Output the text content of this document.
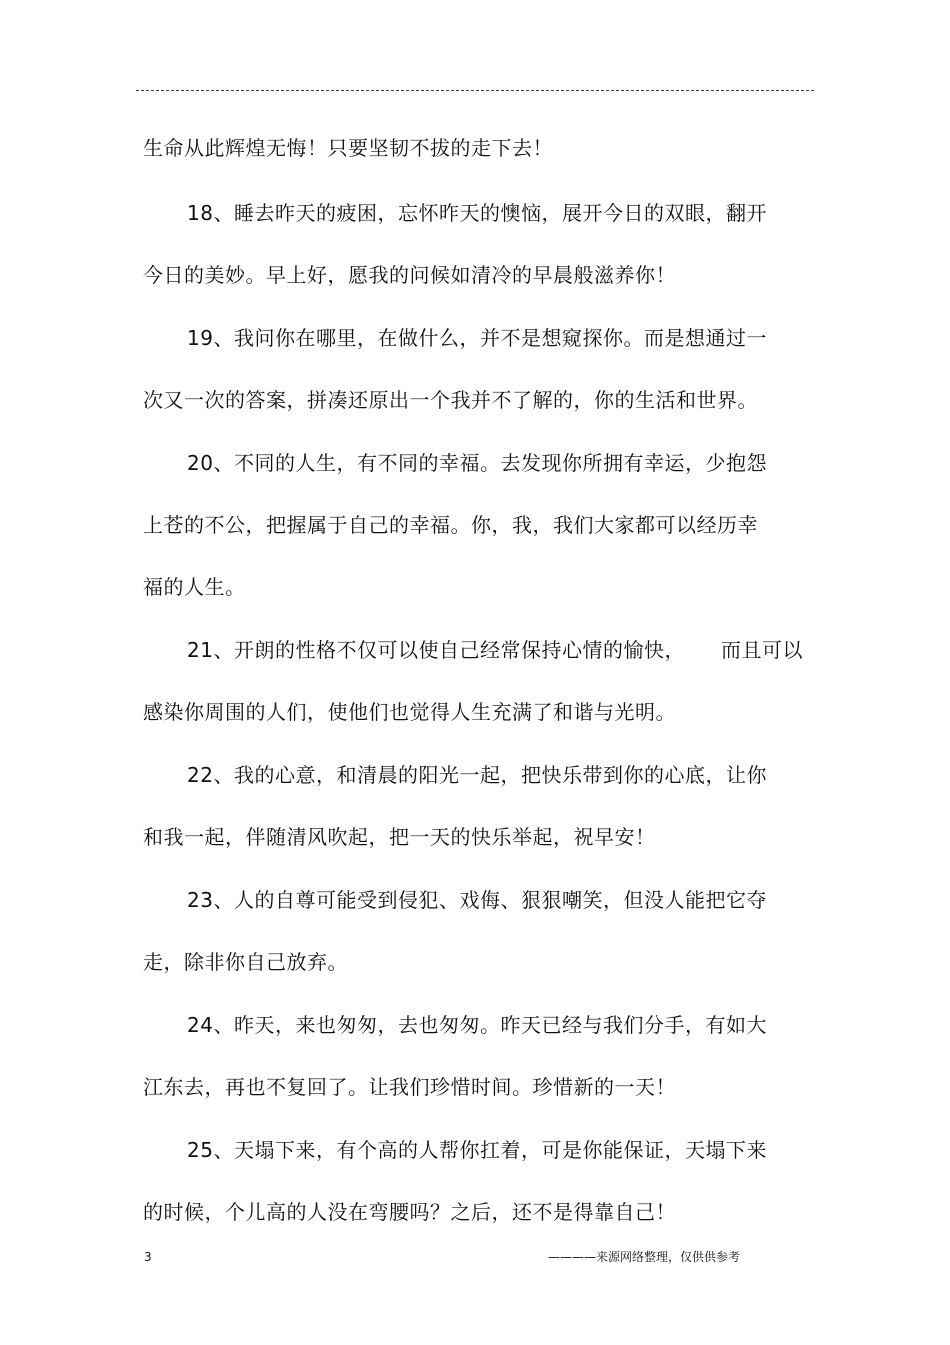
生命从此辉煌无悔！只要坚韧不拔的走下去！
18、睡去昨天的疲困，忘怀昨天的懊恼，展开今日的双眼，翻开
今日的美妙。早上好，愿我的问候如清冷的早晨般滋养你！
19、我问你在哪里，在做什么，并不是想窥探你。而是想通过一
次又一次的答案，拼凑还原出一个我并不了解的，你的生活和世界。
20、不同的人生，有不同的幸福。去发现你所拥有幸运，少抱怨
上苍的不公，把握属于自己的幸福。你，我，我们大家都可以经历幸
福的人生。
21、开朗的性格不仅可以使自己经常保持心情的愉快， 而且可以
感染你周围的人们，使他们也觉得人生充满了和谐与光明。
22、我的心意，和清晨的阳光一起，把快乐带到你的心底，让你
和我一起，伴随清风吹起，把一天的快乐举起，祝早安！
23、人的自尊可能受到侵犯、戏侮、狠狠嘲笑，但没人能把它夺
走，除非你自己放弃。
24、昨天，来也匆匆，去也匆匆。昨天已经与我们分手，有如大
江东去，再也不复回了。让我们珍惜时间。珍惜新的一天！
25、天塌下来，有个高的人帮你扛着，可是你能保证，天塌下来
的时候，个儿高的人没在弯腰吗？之后，还不是得靠自己！
3	————来源网络整理，仅供供参考
